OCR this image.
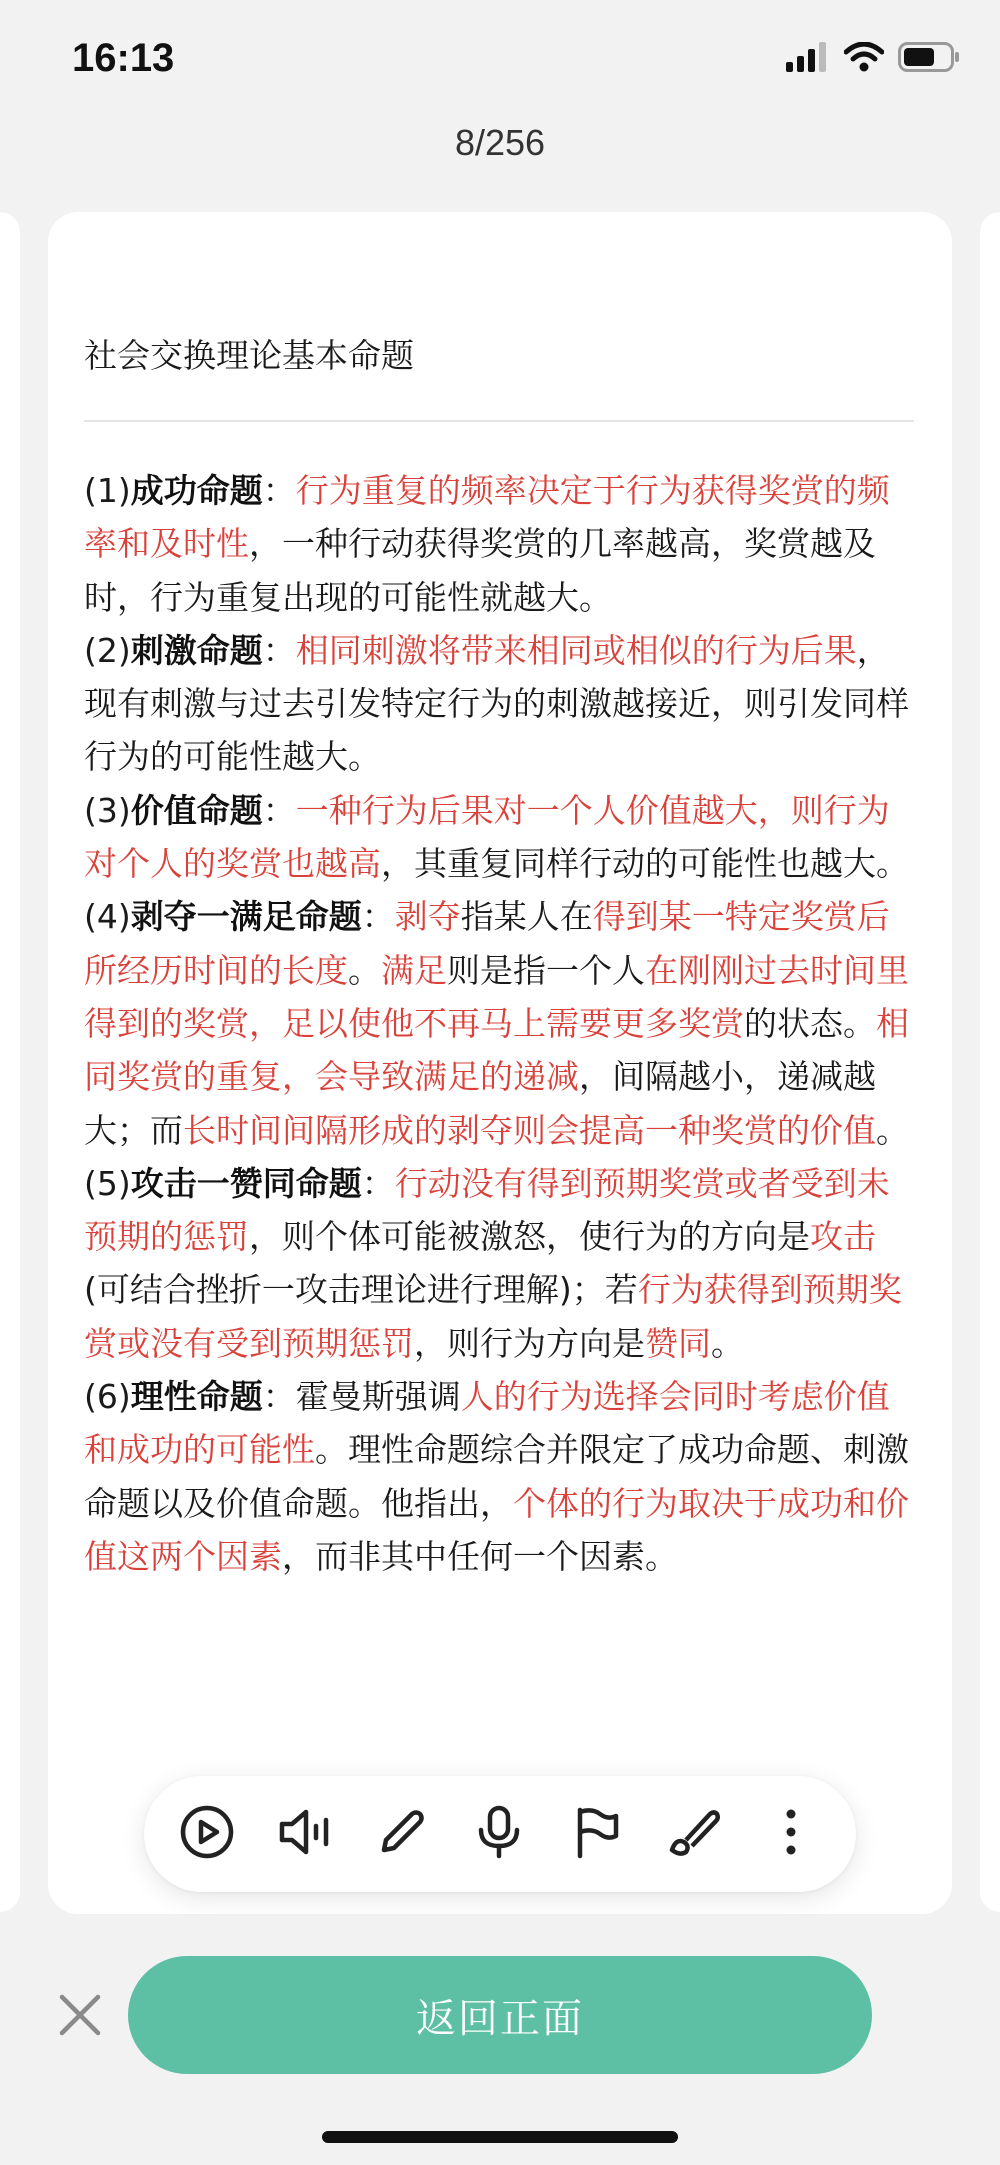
16:13
8/256
社会交换理论基本命题

(1)成功命题：行为重复的频率决定于行为获得奖赏的频率和及时性，一种行动获得奖赏的几率越高，奖赏越及时，行为重复出现的可能性就越大。

(2)刺激命题：相同刺激将带来相同或相似的行为后果，现有刺激与过去引发特定行为的刺激越接近，则引发同样行为的可能性越大。

(3)价值命题：一种行为后果对一个人价值越大，则行为对个人的奖赏也越高，其重复同样行动的可能性也越大。

(4)剥夺一满足命题：剥夺指某人在得到某一特定奖赏后所经历时间的长度。满足则是指一个人在刚刚过去时间里得到的奖赏，足以使他不再马上需要更多奖赏的状态。相同奖赏的重复，会导致满足的递减，间隔越小，递减越大；而长时间间隔形成的剥夺则会提高一种奖赏的价值。

(5)攻击一赞同命题：行动没有得到预期奖赏或者受到未预期的惩罚，则个体可能被激怒，使行为的方向是攻击(可结合挫折一攻击理论进行理解)；若行为获得到预期奖赏或没有受到预期惩罚，则行为方向是赞同。

(6)理性命题：霍曼斯强调人的行为选择会同时考虑价值和成功的可能性。理性命题综合并限定了成功命题、刺激命题以及价值命题。他指出，个体的行为取决于成功和价值这两个因素，而非其中任何一个因素。

返回正面
